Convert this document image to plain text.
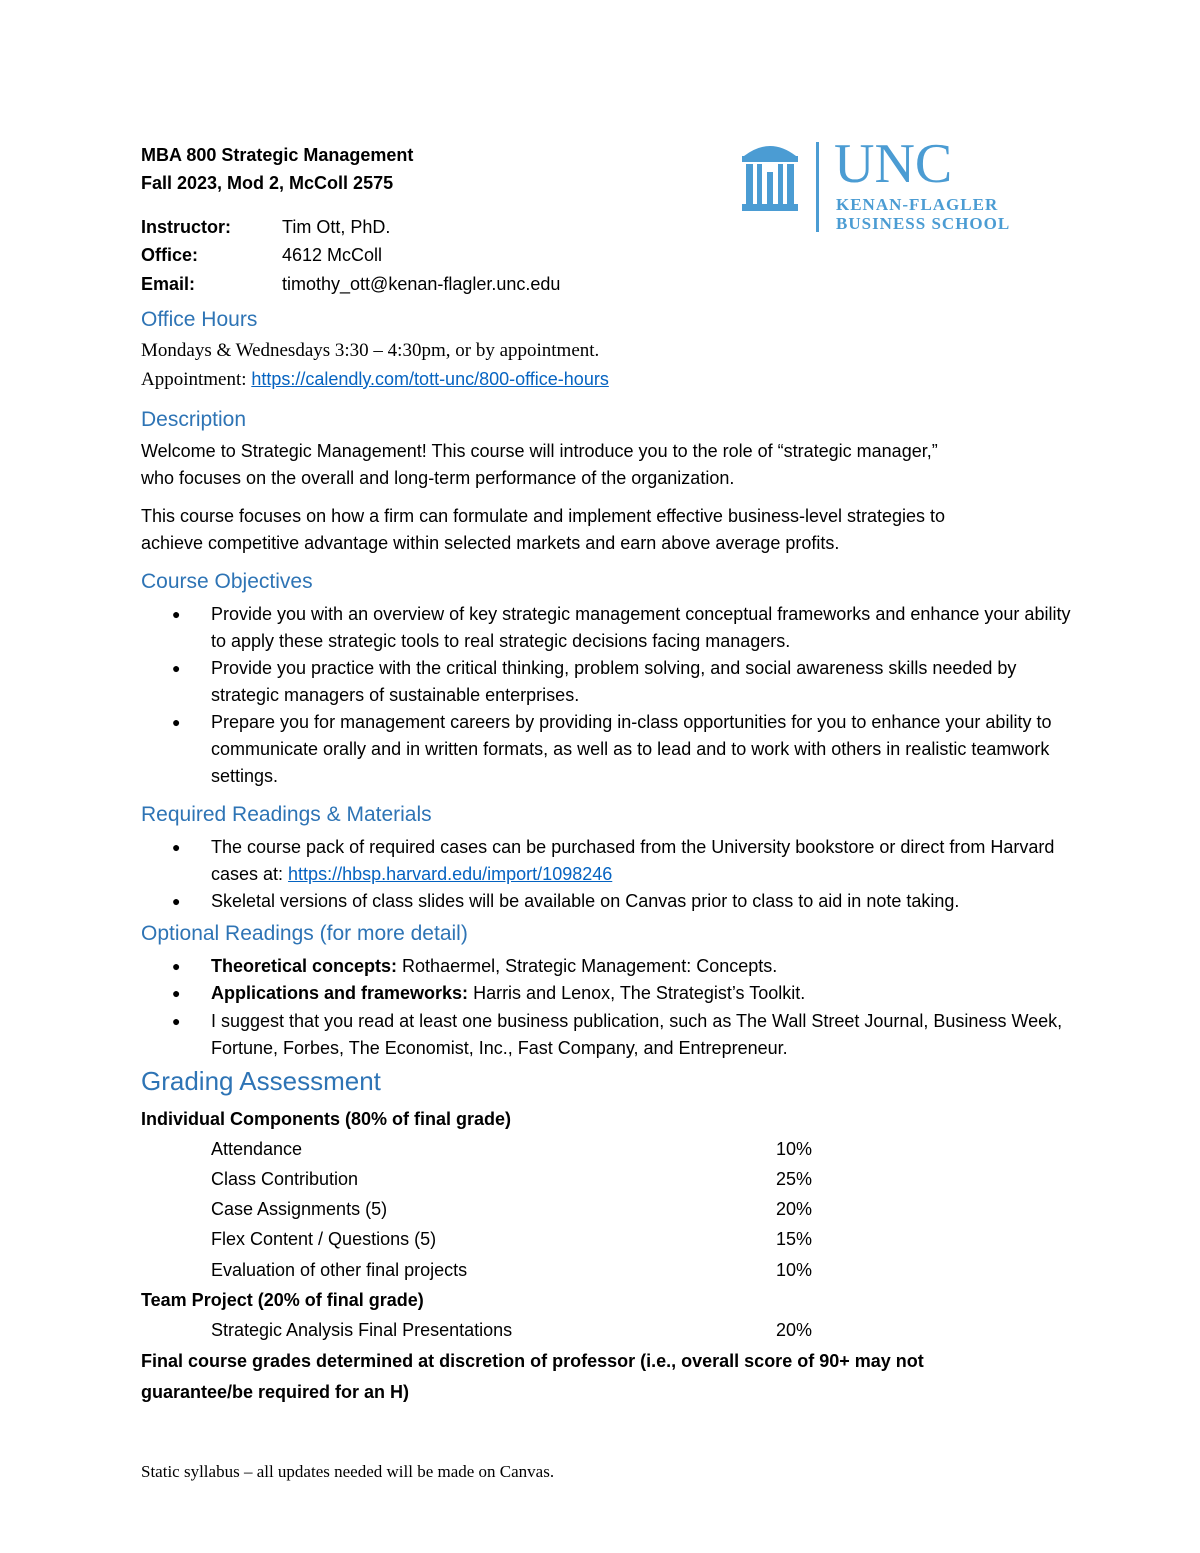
MBA 800 Strategic Management
Fall 2023, Mod 2, McColl 2575
Instructor:	Tim Ott, PhD.
Office:	4612 McColl
Email:	timothy_ott@kenan-flagler.unc.edu
UNC
KENAN-FLAGLER
BUSINESS SCHOOL
Office Hours
Mondays & Wednesdays 3:30 – 4:30pm, or by appointment.
Appointment: https://calendly.com/tott-unc/800-office-hours
Description
Welcome to Strategic Management! This course will introduce you to the role of “strategic manager,”
who focuses on the overall and long-term performance of the organization.
This course focuses on how a firm can formulate and implement effective business-level strategies to
achieve competitive advantage within selected markets and earn above average profits.
Course Objectives
● Provide you with an overview of key strategic management conceptual frameworks and enhance your ability to apply these strategic tools to real strategic decisions facing managers.
● Provide you practice with the critical thinking, problem solving, and social awareness skills needed by strategic managers of sustainable enterprises.
● Prepare you for management careers by providing in-class opportunities for you to enhance your ability to communicate orally and in written formats, as well as to lead and to work with others in realistic teamwork settings.
Required Readings & Materials
● The course pack of required cases can be purchased from the University bookstore or direct from Harvard cases at: https://hbsp.harvard.edu/import/1098246
● Skeletal versions of class slides will be available on Canvas prior to class to aid in note taking.
Optional Readings (for more detail)
● Theoretical concepts: Rothaermel, Strategic Management: Concepts.
● Applications and frameworks: Harris and Lenox, The Strategist’s Toolkit.
● I suggest that you read at least one business publication, such as The Wall Street Journal, Business Week, Fortune, Forbes, The Economist, Inc., Fast Company, and Entrepreneur.
Grading Assessment
Individual Components (80% of final grade)
Attendance	10%
Class Contribution	25%
Case Assignments (5)	20%
Flex Content / Questions (5)	15%
Evaluation of other final projects	10%
Team Project (20% of final grade)
Strategic Analysis Final Presentations	20%
Final course grades determined at discretion of professor (i.e., overall score of 90+ may not
guarantee/be required for an H)
Static syllabus – all updates needed will be made on Canvas.
